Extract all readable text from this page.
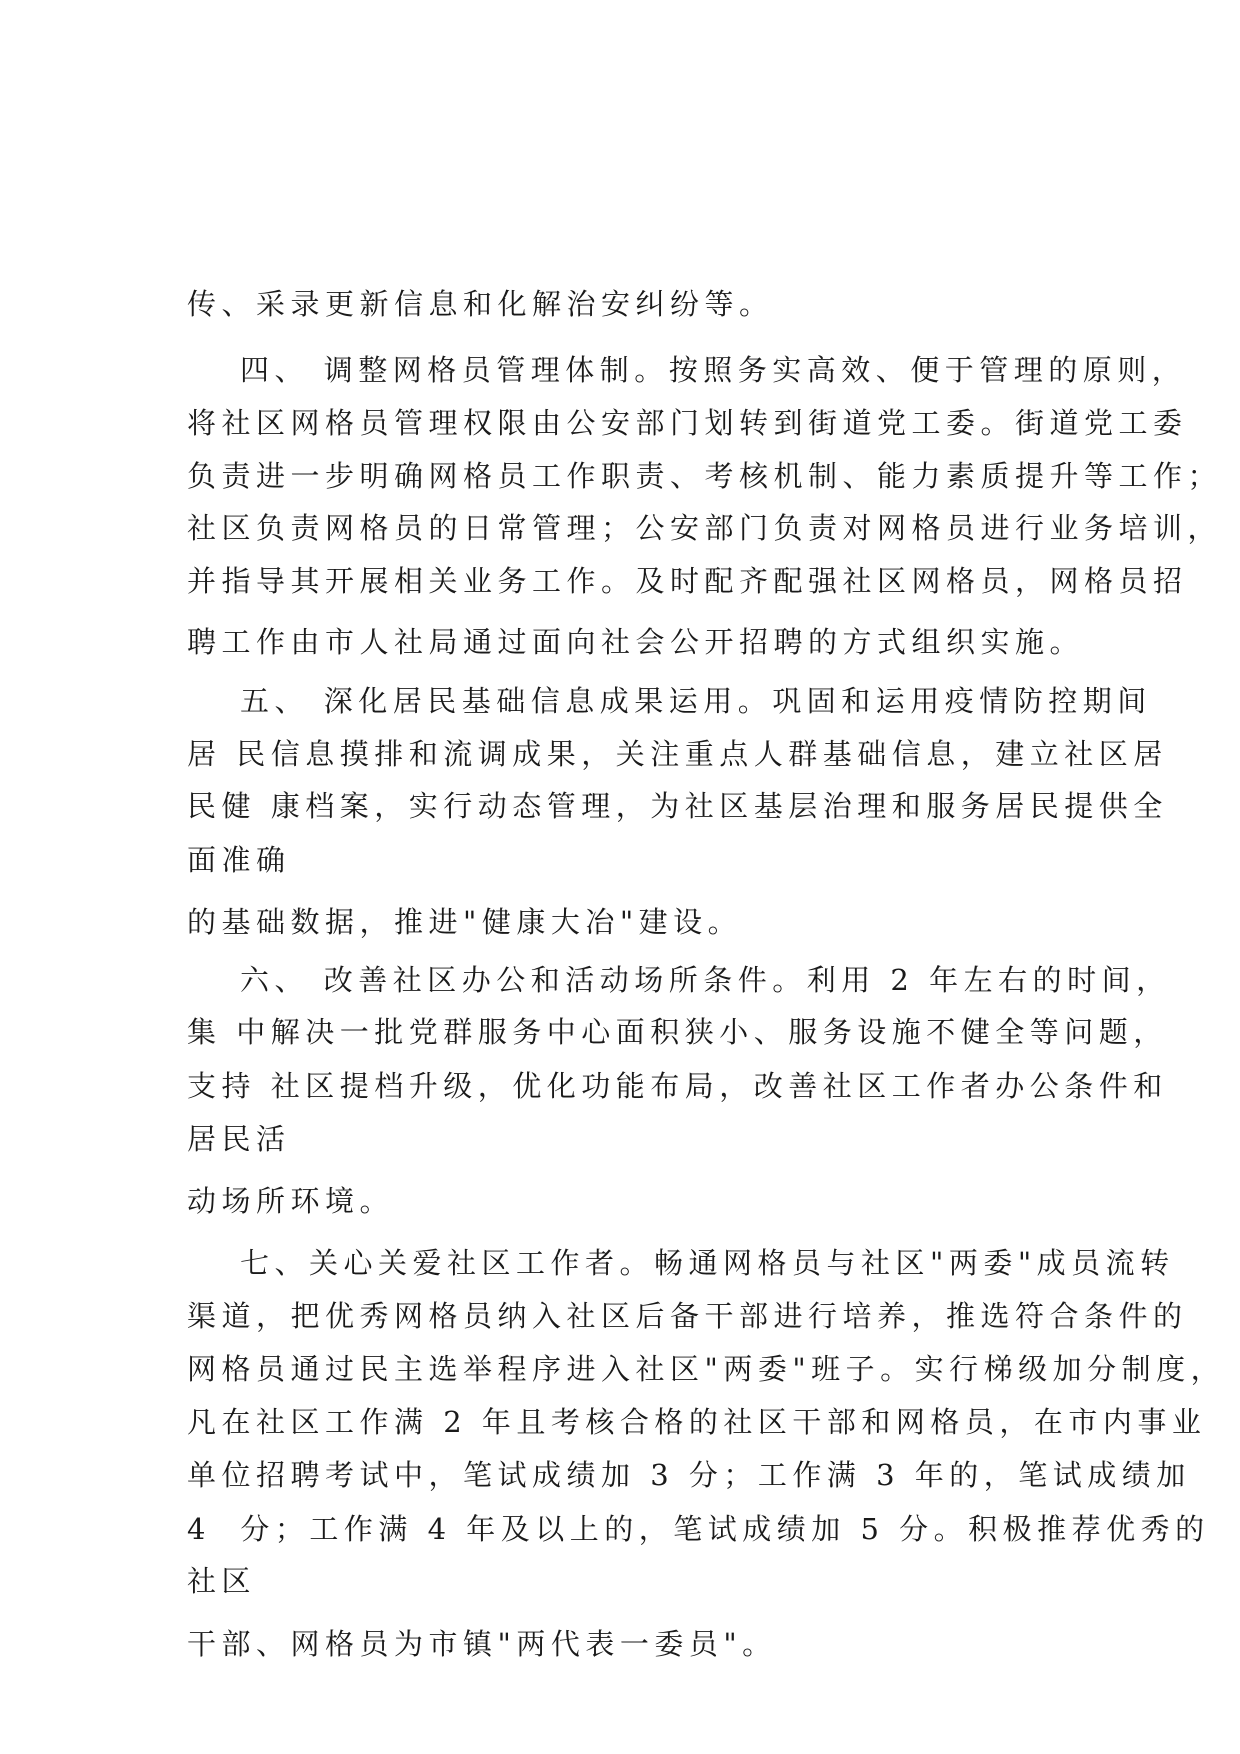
传、采录更新信息和化解治安纠纷等。
四、 调整网格员管理体制。按照务实高效、便于管理的原则，
将社区网格员管理权限由公安部门划转到街道党工委。街道党工委
负责进一步明确网格员工作职责、考核机制、能力素质提升等工作；
社区负责网格员的日常管理；公安部门负责对网格员进行业务培训，
并指导其开展相关业务工作。及时配齐配强社区网格员，网格员招
聘工作由市人社局通过面向社会公开招聘的方式组织实施。
五、 深化居民基础信息成果运用。巩固和运用疫情防控期间
居 民信息摸排和流调成果，关注重点人群基础信息，建立社区居
民健 康档案，实行动态管理，为社区基层治理和服务居民提供全
面准确
的基础数据，推进"健康大冶"建设。
六、 改善社区办公和活动场所条件。利用 2 年左右的时间，
集 中解决一批党群服务中心面积狭小、服务设施不健全等问题，
支持 社区提档升级，优化功能布局，改善社区工作者办公条件和
居民活
动场所环境。
七、关心关爱社区工作者。畅通网格员与社区"两委"成员流转
渠道，把优秀网格员纳入社区后备干部进行培养，推选符合条件的
网格员通过民主选举程序进入社区"两委"班子。实行梯级加分制度，
凡在社区工作满 2 年且考核合格的社区干部和网格员，在市内事业
单位招聘考试中，笔试成绩加 3 分；工作满 3 年的，笔试成绩加
4  分；工作满 4 年及以上的，笔试成绩加 5 分。积极推荐优秀的
社区
干部、网格员为市镇"两代表一委员"。
